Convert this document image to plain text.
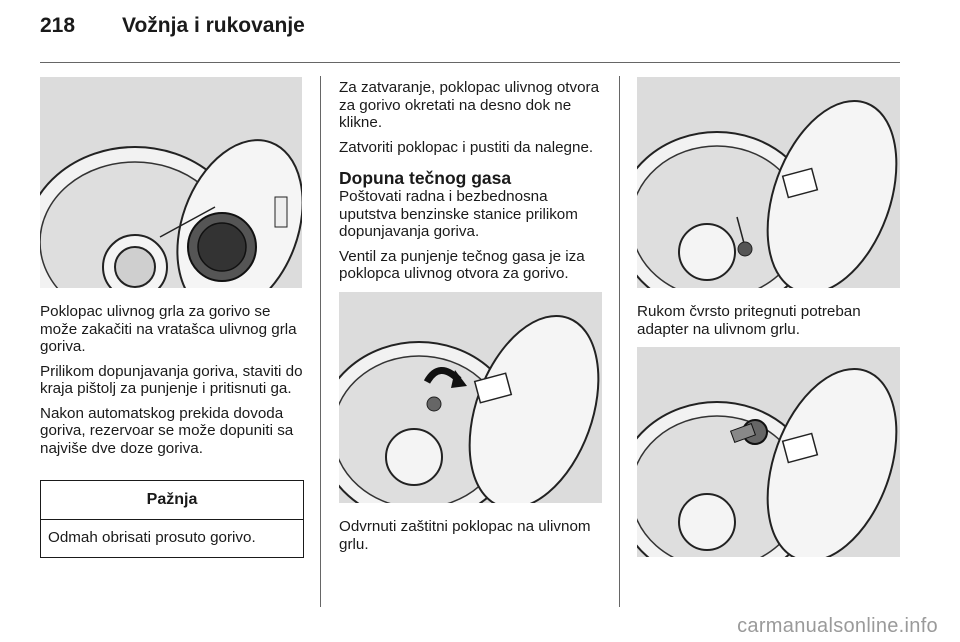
218 Vožnja i rukovanje

Poklopac ulivnog grla za gorivo se može zakačiti na vratašca ulivnog grla goriva.

Prilikom dopunjavanja goriva, staviti do kraja pištolj za punjenje i pritisnuti ga.

Nakon automatskog prekida dovoda goriva, rezervoar se može dopuniti sa najviše dve doze goriva.

Pažnja
Odmah obrisati prosuto gorivo.

Za zatvaranje, poklopac ulivnog otvora za gorivo okretati na desno dok ne klikne.

Zatvoriti poklopac i pustiti da nalegne.

Dopuna tečnog gasa

Poštovati radna i bezbednosna uputstva benzinske stanice prilikom dopunjavanja goriva.

Ventil za punjenje tečnog gasa je iza poklopca ulivnog otvora za gorivo.

Odvrnuti zaštitni poklopac na ulivnom grlu.

Rukom čvrsto pritegnuti potreban adapter na ulivnom grlu.

carmanualsonline.info
